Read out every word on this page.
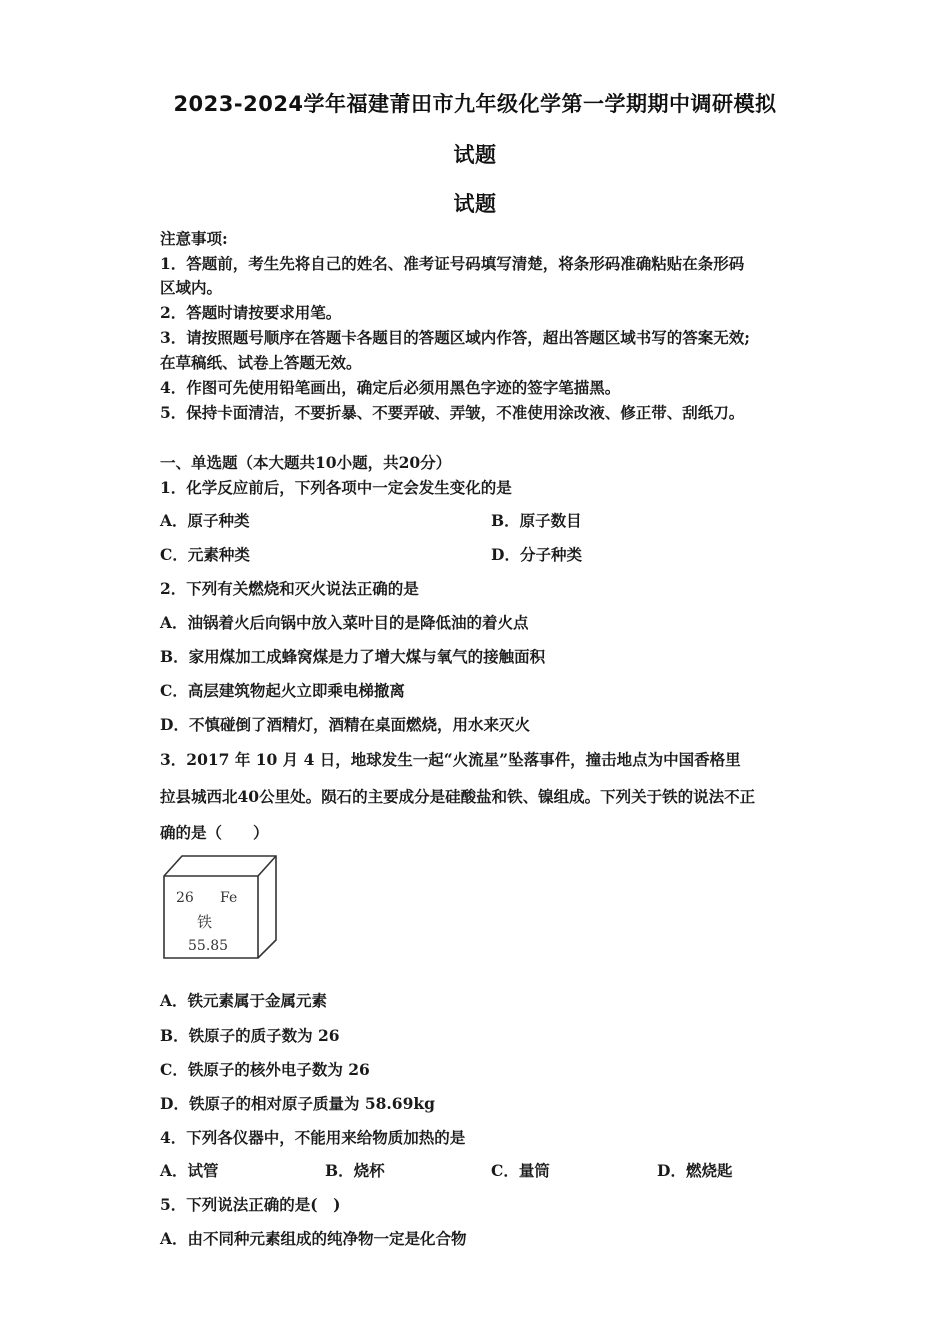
2023-2024学年福建莆田市九年级化学第一学期期中调研模拟
试题
试题
注意事项:
1．答题前，考生先将自己的姓名、准考证号码填写清楚，将条形码准确粘贴在条形码
区域内。
2．答题时请按要求用笔。
3．请按照题号顺序在答题卡各题目的答题区域内作答，超出答题区域书写的答案无效;
在草稿纸、试卷上答题无效。
4．作图可先使用铅笔画出，确定后必须用黑色字迹的签字笔描黑。
5．保持卡面清洁，不要折暴、不要弄破、弄皱，不准使用涂改液、修正带、刮纸刀。
一、单选题（本大题共10小题，共20分）
1．化学反应前后，下列各项中一定会发生变化的是
A．原子种类	B．原子数目
C．元素种类	D．分子种类
2．下列有关燃烧和灭火说法正确的是
A．油锅着火后向锅中放入菜叶目的是降低油的着火点
B．家用煤加工成蜂窝煤是力了增大煤与氧气的接触面积
C．高层建筑物起火立即乘电梯撤离
D．不慎碰倒了酒精灯，酒精在桌面燃烧，用水来灭火
3．2017 年 10 月 4 日，地球发生一起“火流星”坠落事件，撞击地点为中国香格里
拉县城西北40公里处。陨石的主要成分是硅酸盐和铁、镍组成。下列关于铁的说法不正
确的是（　　）
26 Fe
铁
55.85
A．铁元素属于金属元素
B．铁原子的质子数为 26
C．铁原子的核外电子数为 26
D．铁原子的相对原子质量为 58.69kg
4．下列各仪器中，不能用来给物质加热的是
A．试管	B．烧杯	C．量筒	D．燃烧匙
5．下列说法正确的是(　)
A．由不同种元素组成的纯净物一定是化合物
